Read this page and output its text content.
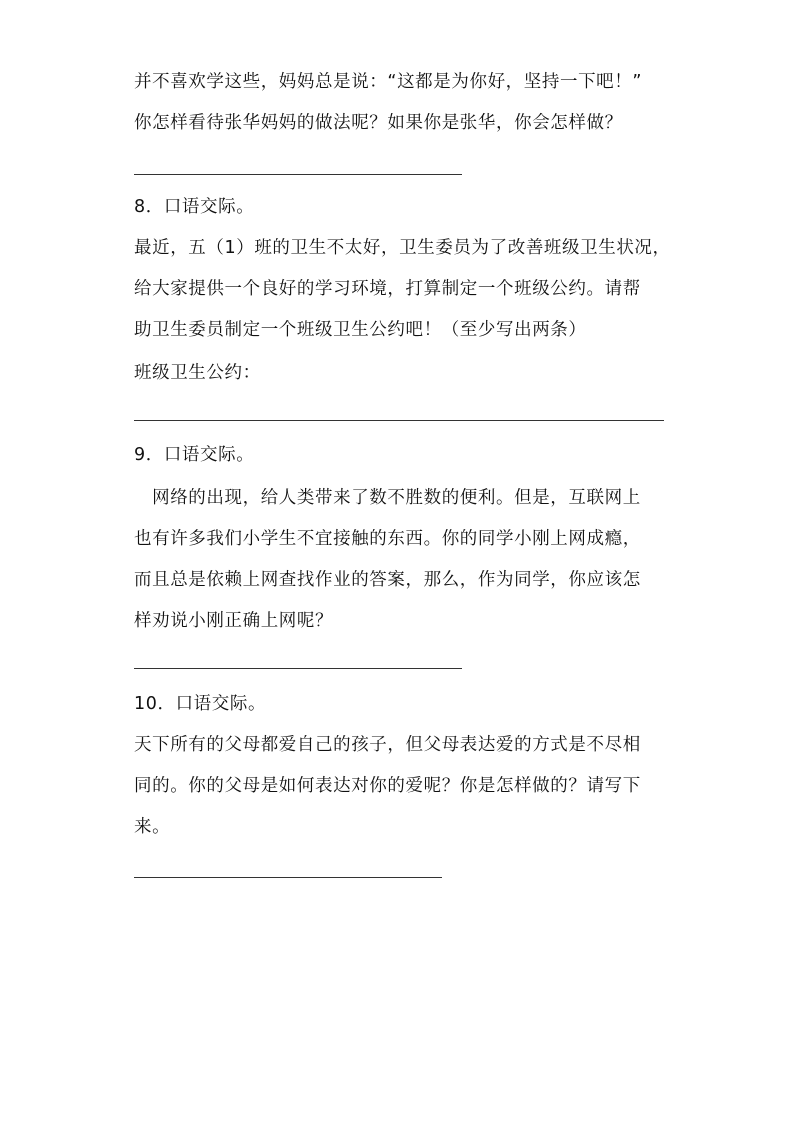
并不喜欢学这些，妈妈总是说：“这都是为你好，坚持一下吧！”
你怎样看待张华妈妈的做法呢？如果你是张华，你会怎样做？
8．口语交际。
最近，五（1）班的卫生不太好，卫生委员为了改善班级卫生状况，
给大家提供一个良好的学习环境，打算制定一个班级公约。请帮
助卫生委员制定一个班级卫生公约吧！（至少写出两条）
班级卫生公约：
9．口语交际。
　网络的出现，给人类带来了数不胜数的便利。但是，互联网上
也有许多我们小学生不宜接触的东西。你的同学小刚上网成瘾，
而且总是依赖上网查找作业的答案，那么，作为同学，你应该怎
样劝说小刚正确上网呢？
10．口语交际。
天下所有的父母都爱自己的孩子，但父母表达爱的方式是不尽相
同的。你的父母是如何表达对你的爱呢？你是怎样做的？请写下
来。
